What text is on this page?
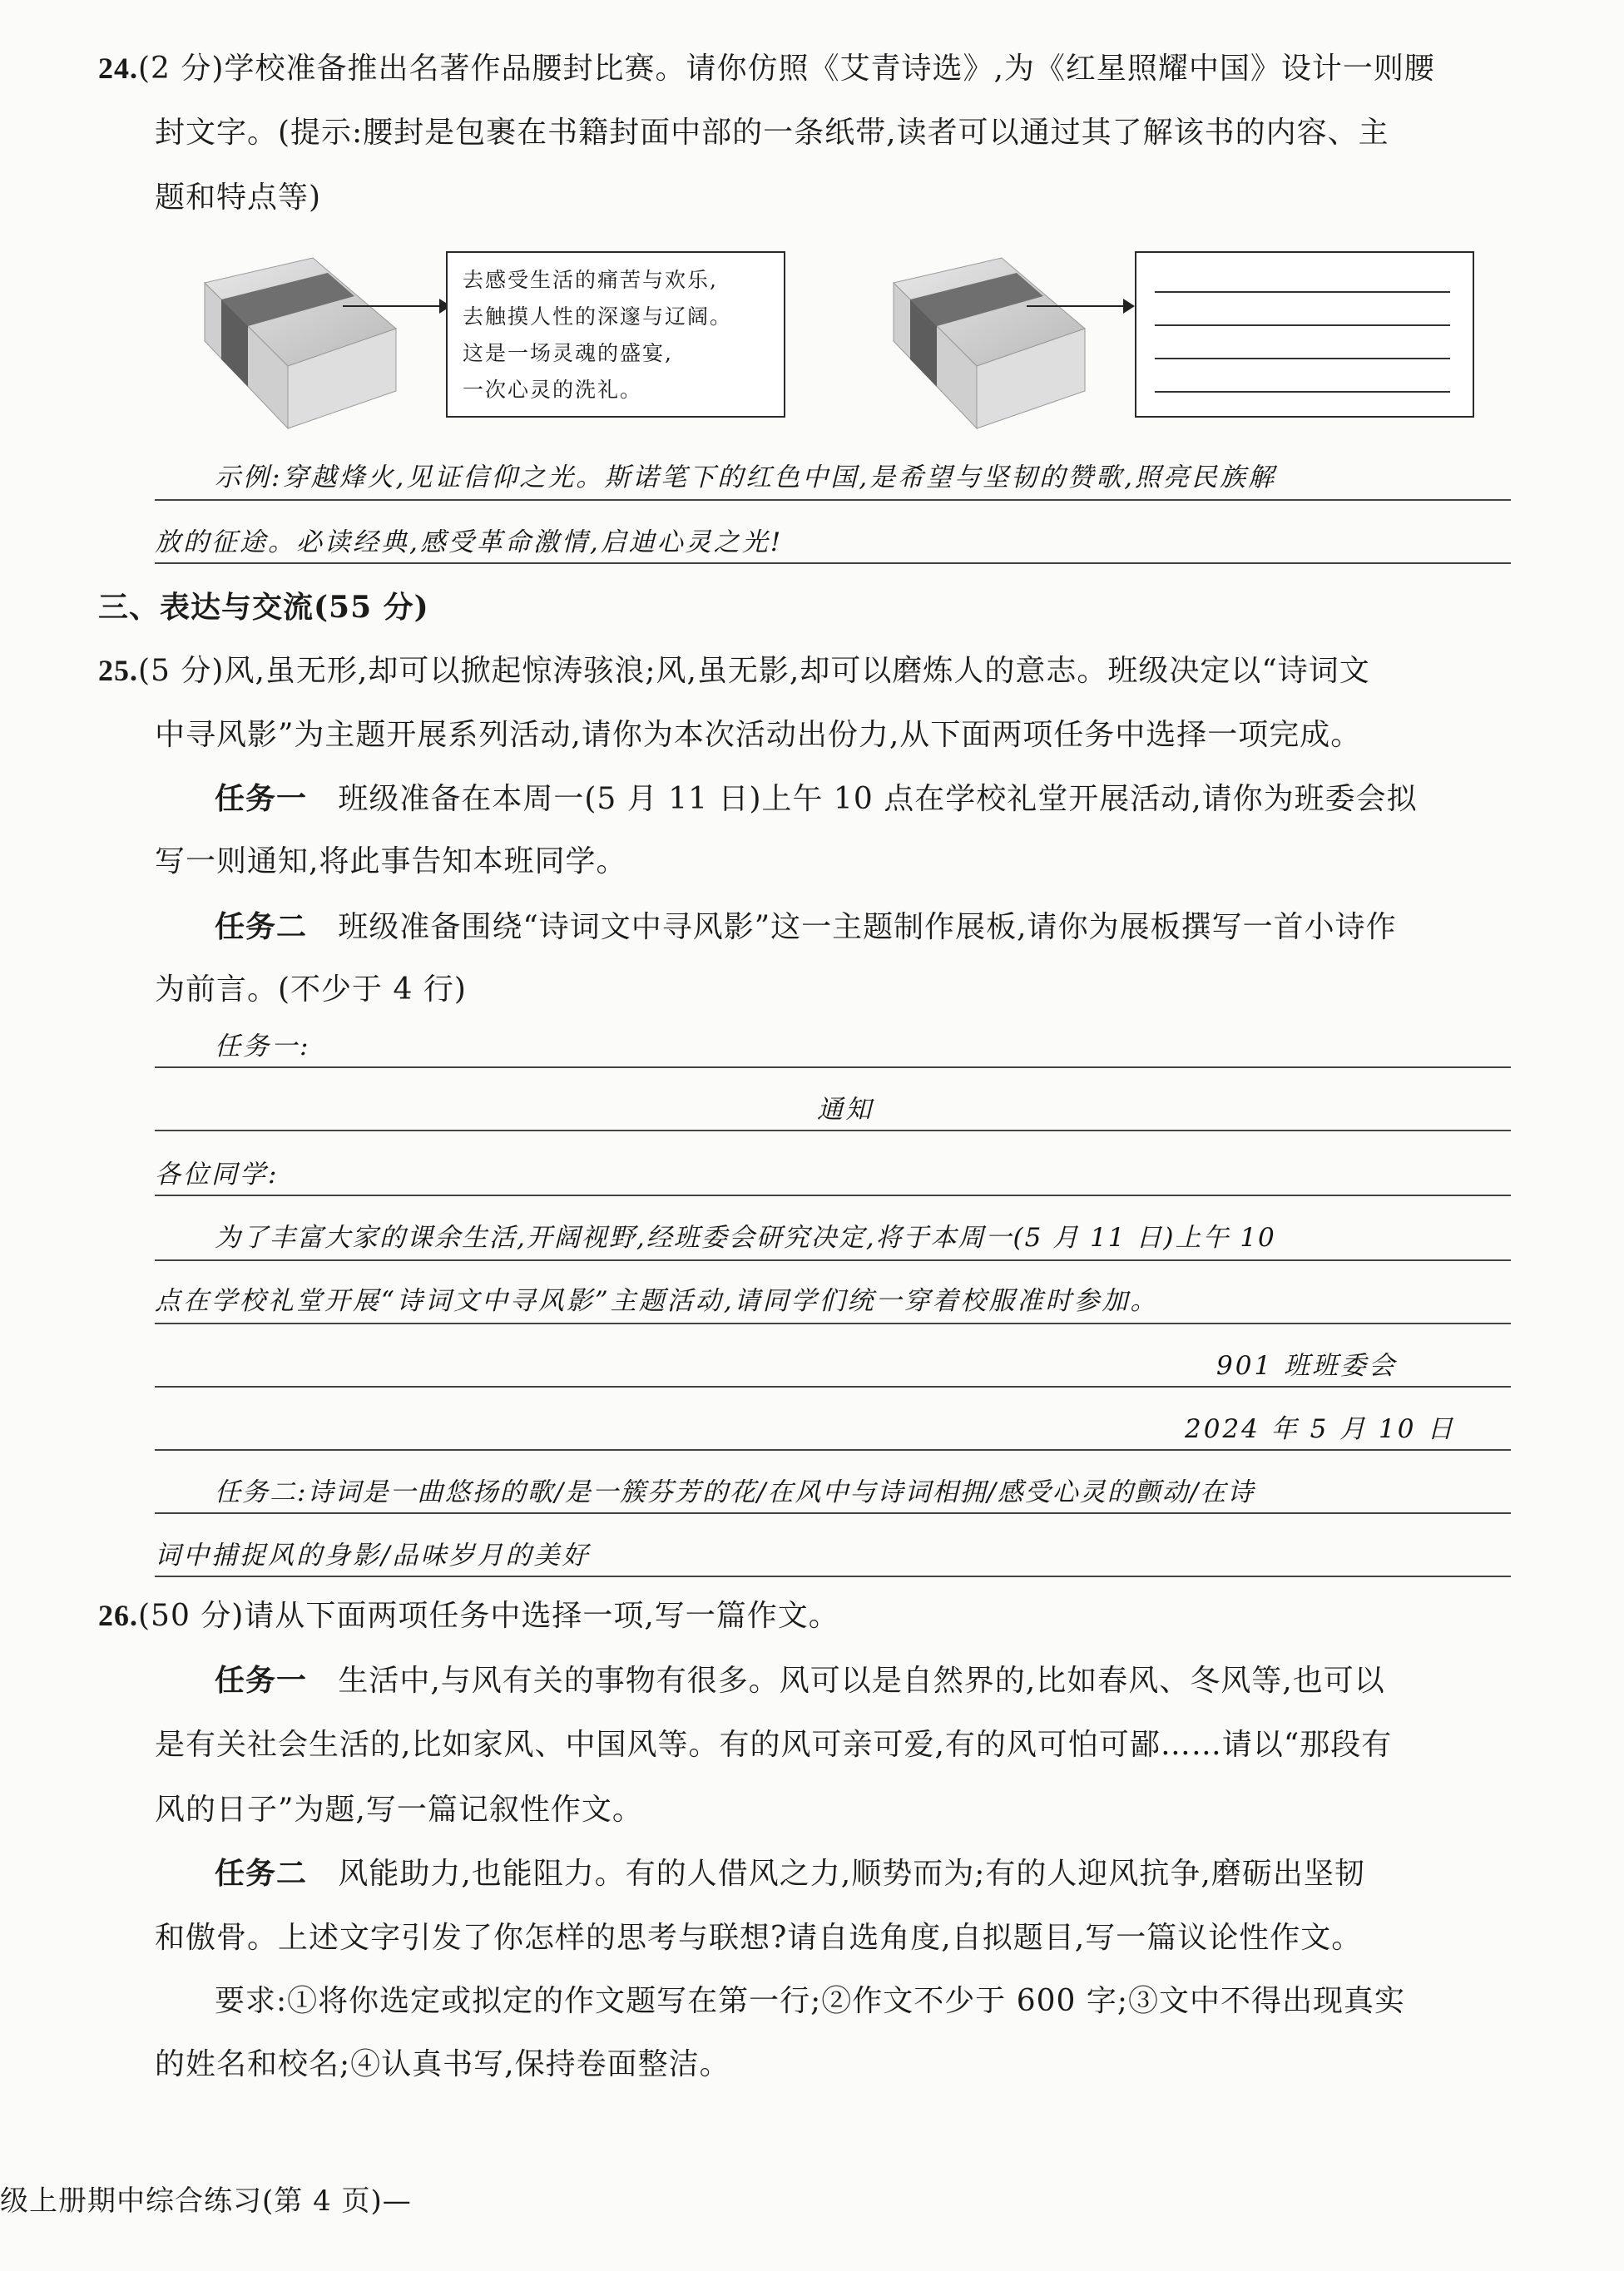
24.(2 分)学校准备推出名著作品腰封比赛。请你仿照《艾青诗选》,为《红星照耀中国》设计一则腰
封文字。(提示:腰封是包裹在书籍封面中部的一条纸带,读者可以通过其了解该书的内容、主
题和特点等)
去感受生活的痛苦与欢乐,
去触摸人性的深邃与辽阔。
这是一场灵魂的盛宴,
一次心灵的洗礼。
示例:穿越烽火,见证信仰之光。斯诺笔下的红色中国,是希望与坚韧的赞歌,照亮民族解
放的征途。必读经典,感受革命激情,启迪心灵之光!
三、表达与交流(55 分)
25.(5 分)风,虽无形,却可以掀起惊涛骇浪;风,虽无影,却可以磨炼人的意志。班级决定以“诗词文
中寻风影”为主题开展系列活动,请你为本次活动出份力,从下面两项任务中选择一项完成。
任务一 班级准备在本周一(5 月 11 日)上午 10 点在学校礼堂开展活动,请你为班委会拟
写一则通知,将此事告知本班同学。
任务二 班级准备围绕“诗词文中寻风影”这一主题制作展板,请你为展板撰写一首小诗作
为前言。(不少于 4 行)
任务一:
通知
各位同学:
为了丰富大家的课余生活,开阔视野,经班委会研究决定,将于本周一(5 月 11 日)上午 10
点在学校礼堂开展“诗词文中寻风影”主题活动,请同学们统一穿着校服准时参加。
901 班班委会
2024 年 5 月 10 日
任务二:诗词是一曲悠扬的歌/是一簇芬芳的花/在风中与诗词相拥/感受心灵的颤动/在诗
词中捕捉风的身影/品味岁月的美好
26.(50 分)请从下面两项任务中选择一项,写一篇作文。
任务一 生活中,与风有关的事物有很多。风可以是自然界的,比如春风、冬风等,也可以
是有关社会生活的,比如家风、中国风等。有的风可亲可爱,有的风可怕可鄙……请以“那段有
风的日子”为题,写一篇记叙性作文。
任务二 风能助力,也能阻力。有的人借风之力,顺势而为;有的人迎风抗争,磨砺出坚韧
和傲骨。上述文字引发了你怎样的思考与联想?请自选角度,自拟题目,写一篇议论性作文。
要求:①将你选定或拟定的作文题写在第一行;②作文不少于 600 字;③文中不得出现真实
的姓名和校名;④认真书写,保持卷面整洁。
级上册期中综合练习(第 4 页)—
